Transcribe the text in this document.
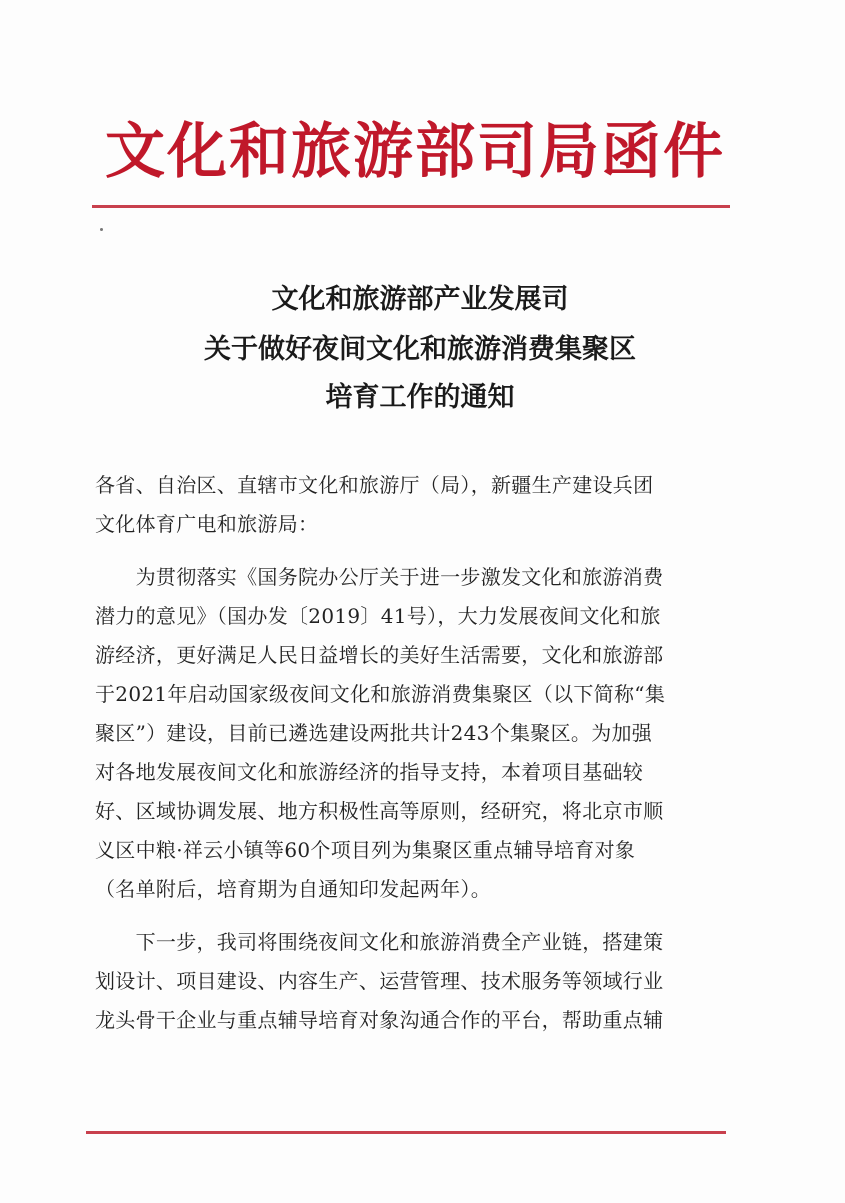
文化和旅游部司局函件
文化和旅游部产业发展司
关于做好夜间文化和旅游消费集聚区
培育工作的通知
各省、自治区、直辖市文化和旅游厅（局），新疆生产建设兵团
文化体育广电和旅游局：
　　为贯彻落实《国务院办公厅关于进一步激发文化和旅游消费
潜力的意见》（国办发〔2019〕41号），大力发展夜间文化和旅
游经济，更好满足人民日益增长的美好生活需要，文化和旅游部
于2021年启动国家级夜间文化和旅游消费集聚区（以下简称“集
聚区”）建设，目前已遴选建设两批共计243个集聚区。为加强
对各地发展夜间文化和旅游经济的指导支持，本着项目基础较
好、区域协调发展、地方积极性高等原则，经研究，将北京市顺
义区中粮·祥云小镇等60个项目列为集聚区重点辅导培育对象
（名单附后，培育期为自通知印发起两年）。
　　下一步，我司将围绕夜间文化和旅游消费全产业链，搭建策
划设计、项目建设、内容生产、运营管理、技术服务等领域行业
龙头骨干企业与重点辅导培育对象沟通合作的平台，帮助重点辅
